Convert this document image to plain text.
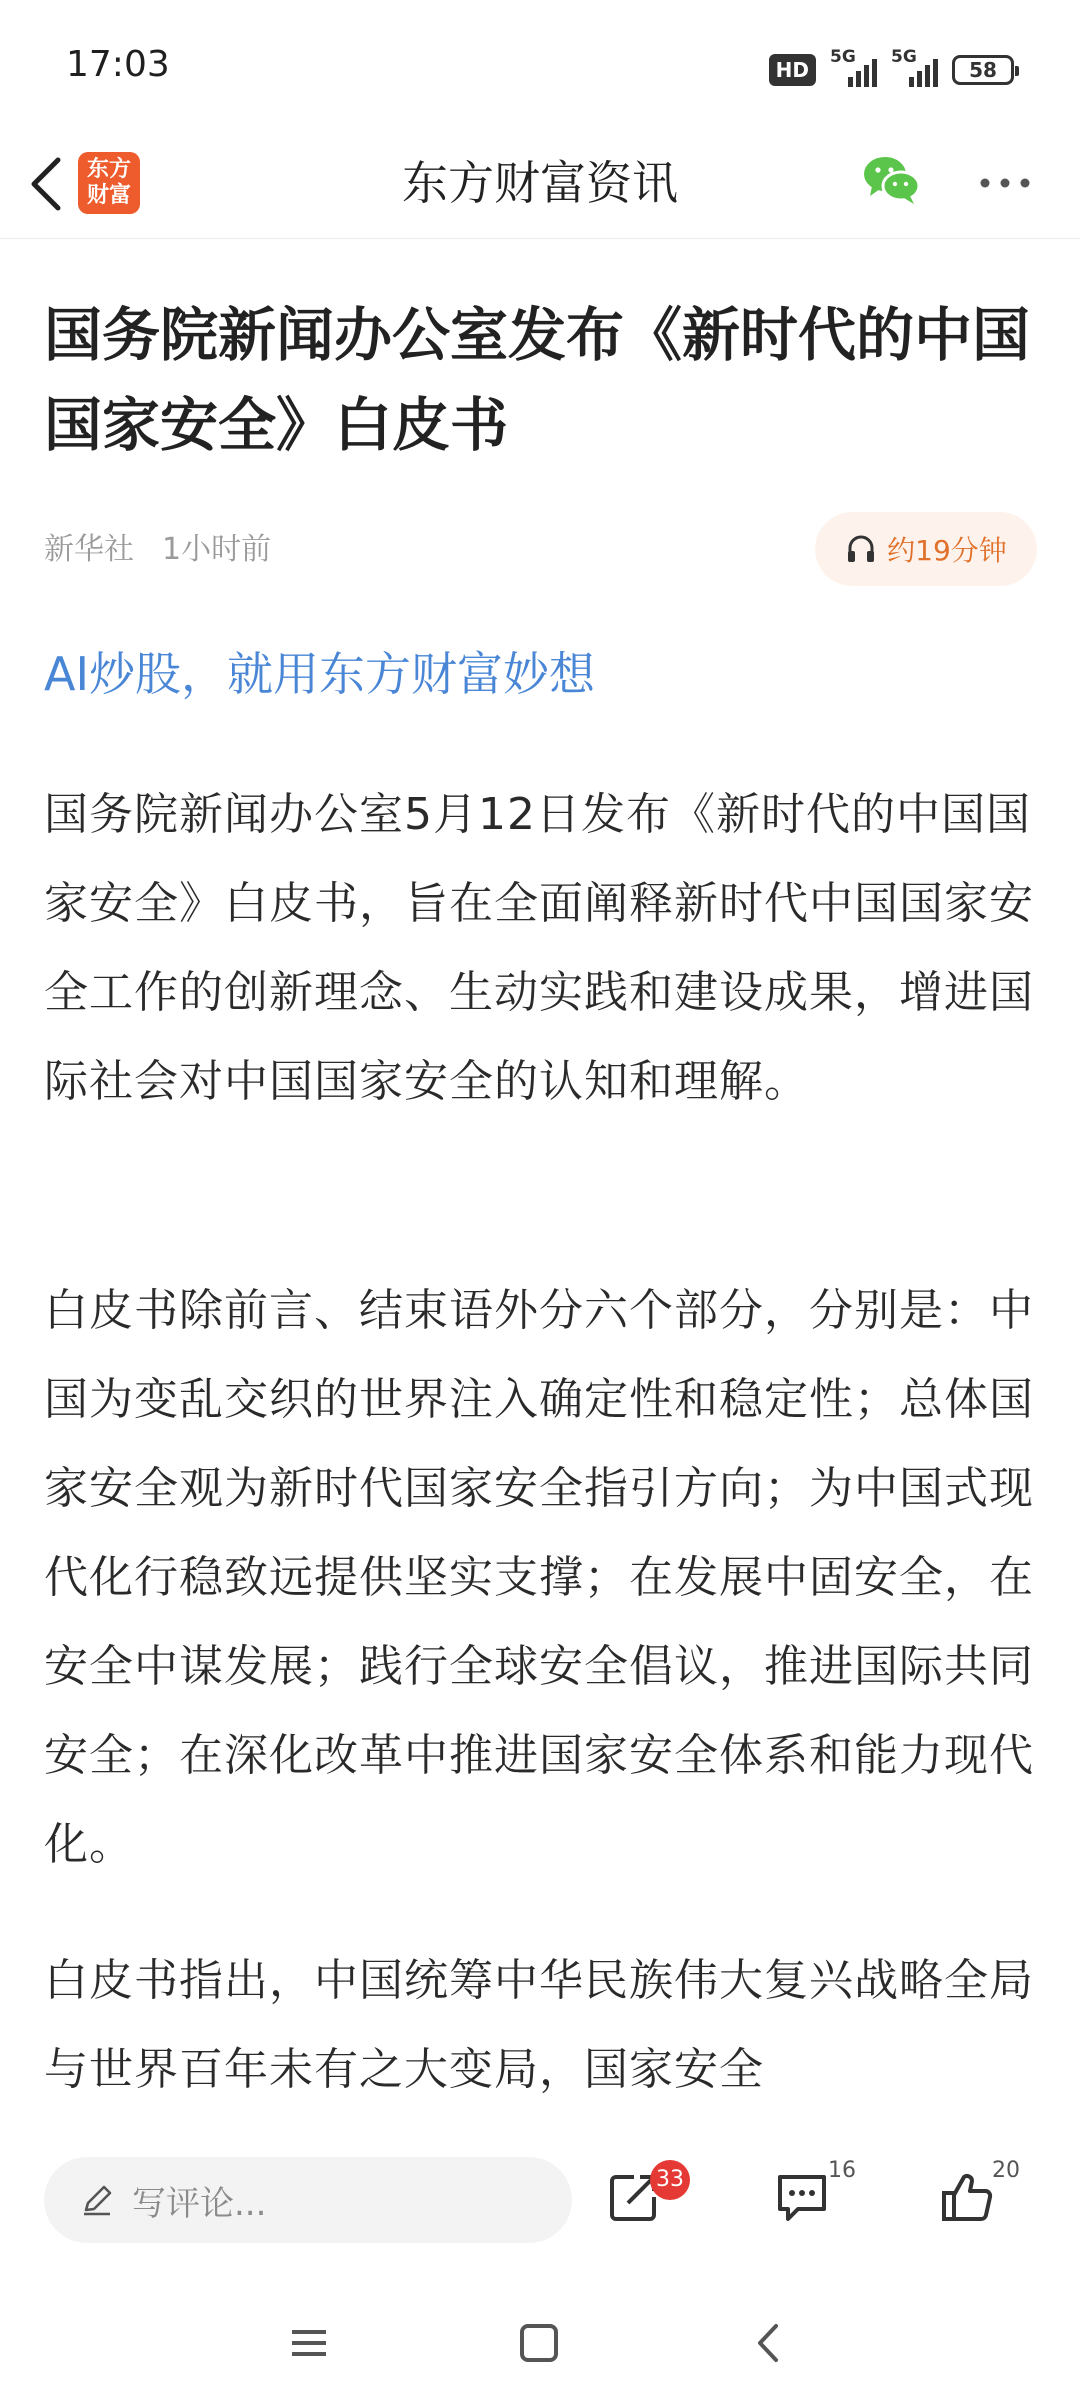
17:03	HD
5G 5G
58
东方
财富	东方财富资讯
国务院新闻办公室发布《新时代的中国国家安全》白皮书
新华社 1小时前	约19分钟
AI炒股，就用东方财富妙想
国务院新闻办公室5月12日发布《新时代的中国国家安全》白皮书，旨在全面阐释新时代中国国家安全工作的创新理念、生动实践和建设成果，增进国际社会对中国国家安全的认知和理解。
白皮书除前言、结束语外分六个部分，分别是：中国为变乱交织的世界注入确定性和稳定性；总体国家安全观为新时代国家安全指引方向；为中国式现代化行稳致远提供坚实支撑；在发展中固安全，在安全中谋发展；践行全球安全倡议，推进国际共同安全；在深化改革中推进国家安全体系和能力现代化。
白皮书指出，中国统筹中华民族伟大复兴战略全局与世界百年未有之大变局，国家安全
写评论...
33	16	20
